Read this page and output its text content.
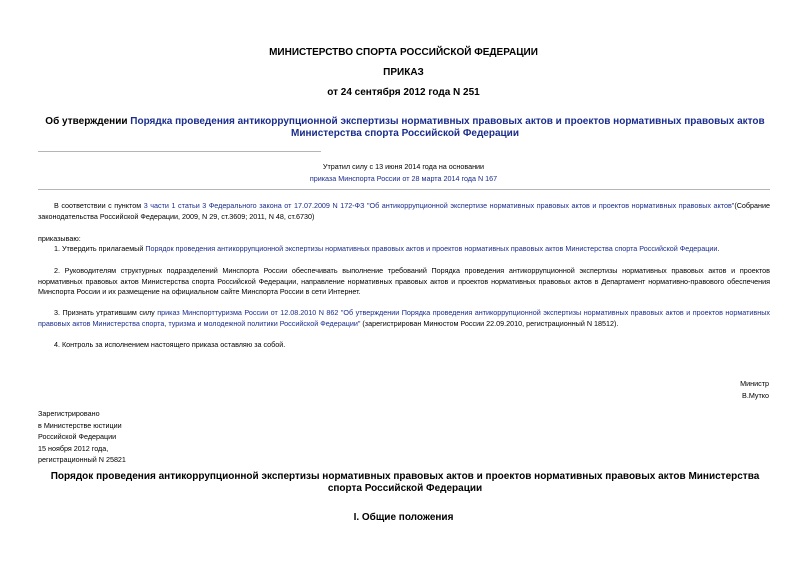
МИНИСТЕРСТВО СПОРТА РОССИЙСКОЙ ФЕДЕРАЦИИ
ПРИКАЗ
от 24 сентября 2012 года N 251
Об утверждении Порядка проведения антикоррупционной экспертизы нормативных правовых актов и проектов нормативных правовых актов Министерства спорта Российской Федерации
Утратил силу с 13 июня 2014 года на основании
приказа Минспорта России от 28 марта 2014 года N 167
В соответствии с пунктом 3 части 1 статьи 3 Федерального закона от 17.07.2009 N 172-ФЗ "Об антикоррупционной экспертизе нормативных правовых актов и проектов нормативных правовых актов"(Собрание законодательства Российской Федерации, 2009, N 29, ст.3609; 2011, N 48, ст.6730)
приказываю:
1. Утвердить прилагаемый Порядок проведения антикоррупционной экспертизы нормативных правовых актов и проектов нормативных правовых актов Министерства спорта Российской Федерации.
2. Руководителям структурных подразделений Минспорта России обеспечивать выполнение требований Порядка проведения антикоррупционной экспертизы нормативных правовых актов и проектов нормативных правовых актов Министерства спорта Российской Федерации, направление нормативных правовых актов и проектов нормативных правовых актов в Департамент нормативно-правового обеспечения Минспорта России и их размещение на официальном сайте Минспорта России в сети Интернет.
3. Признать утратившим силу приказ Минспорттуризма России от 12.08.2010 N 862 "Об утверждении Порядка проведения антикоррупционной экспертизы нормативных правовых актов и проектов нормативных правовых актов Министерства спорта, туризма и молодежной политики Российской Федерации" (зарегистрирован Минюстом России 22.09.2010, регистрационный N 18512).
4. Контроль за исполнением настоящего приказа оставляю за собой.
Министр
В.Мутко
Зарегистрировано
в Министерстве юстиции
Российской Федерации
15 ноября 2012 года,
регистрационный N 25821
Порядок проведения антикоррупционной экспертизы нормативных правовых актов и проектов нормативных правовых актов Министерства спорта Российской Федерации
I. Общие положения
